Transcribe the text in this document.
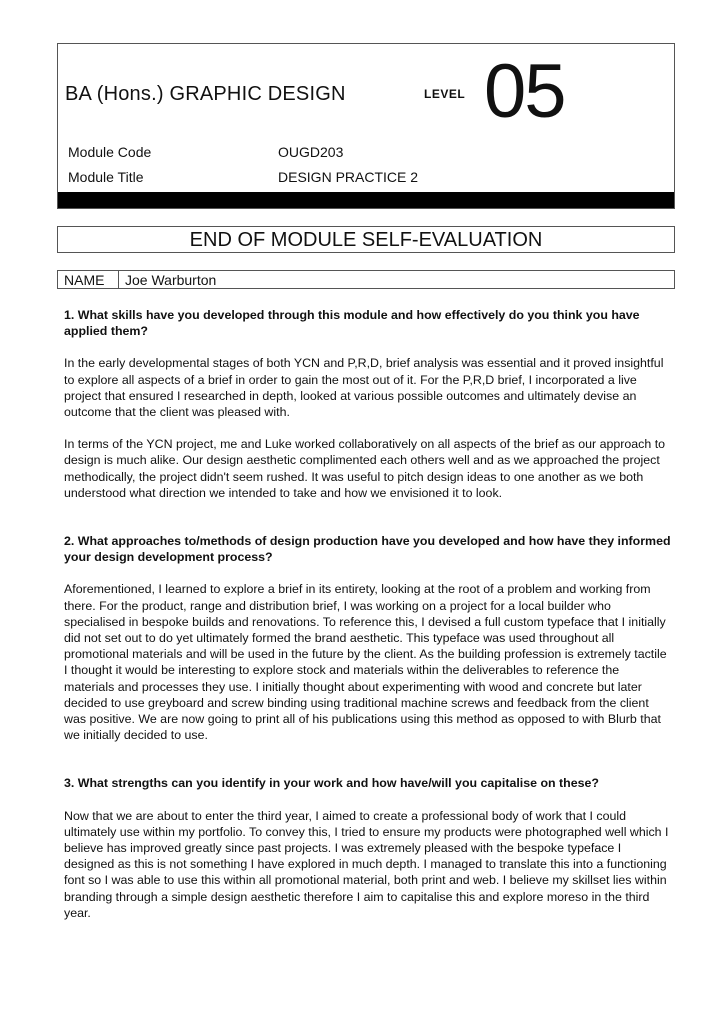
BA (Hons.) GRAPHIC DESIGN	LEVEL 05
Module Code	OUGD203
Module Title	DESIGN PRACTICE 2
END OF MODULE SELF-EVALUATION
NAME Joe Warburton
1. What skills have you developed through this module and how effectively do you think you have applied them?
In the early developmental stages of both YCN and P,R,D, brief analysis was essential and it proved insightful to explore all aspects of a brief in order to gain the most out of it. For the P,R,D brief, I incorporated a live project that ensured I researched in depth, looked at various possible outcomes and ultimately devise an outcome that the client was pleased with.
In terms of the YCN project, me and Luke worked collaboratively on all aspects of the brief as our approach to design is much alike. Our design aesthetic complimented each others well and as we approached the project methodically, the project didn't seem rushed. It was useful to pitch design ideas to one another as we both understood what direction we intended to take and how we envisioned it to look.
2. What approaches to/methods of design production have you developed and how have they informed your design development process?
Aforementioned, I learned to explore a brief in its entirety, looking at the root of a problem and working from there. For the product, range and distribution brief, I was working on a project for a local builder who specialised in bespoke builds and renovations. To reference this, I devised a full custom typeface that I initially did not set out to do yet ultimately formed the brand aesthetic. This typeface was used throughout all promotional materials and will be used in the future by the client. As the building profession is extremely tactile I thought it would be interesting to explore stock and materials within the deliverables to reference the materials and processes they use. I initially thought about experimenting with wood and concrete but later decided to use greyboard and screw binding using traditional machine screws and feedback from the client was positive. We are now going to print all of his publications using this method as opposed to with Blurb that we initially decided to use.
3. What strengths can you identify in your work and how have/will you capitalise on these?
Now that we are about to enter the third year, I aimed to create a professional body of work that I could ultimately use within my portfolio. To convey this, I tried to ensure my products were photographed well which I believe has improved greatly since past projects. I was extremely pleased with the bespoke typeface I designed as this is not something I have explored in much depth. I managed to translate this into a functioning font so I was able to use this within all promotional material, both print and web. I believe my skillset lies within branding through a simple design aesthetic therefore I aim to capitalise this and explore moreso in the third year.
